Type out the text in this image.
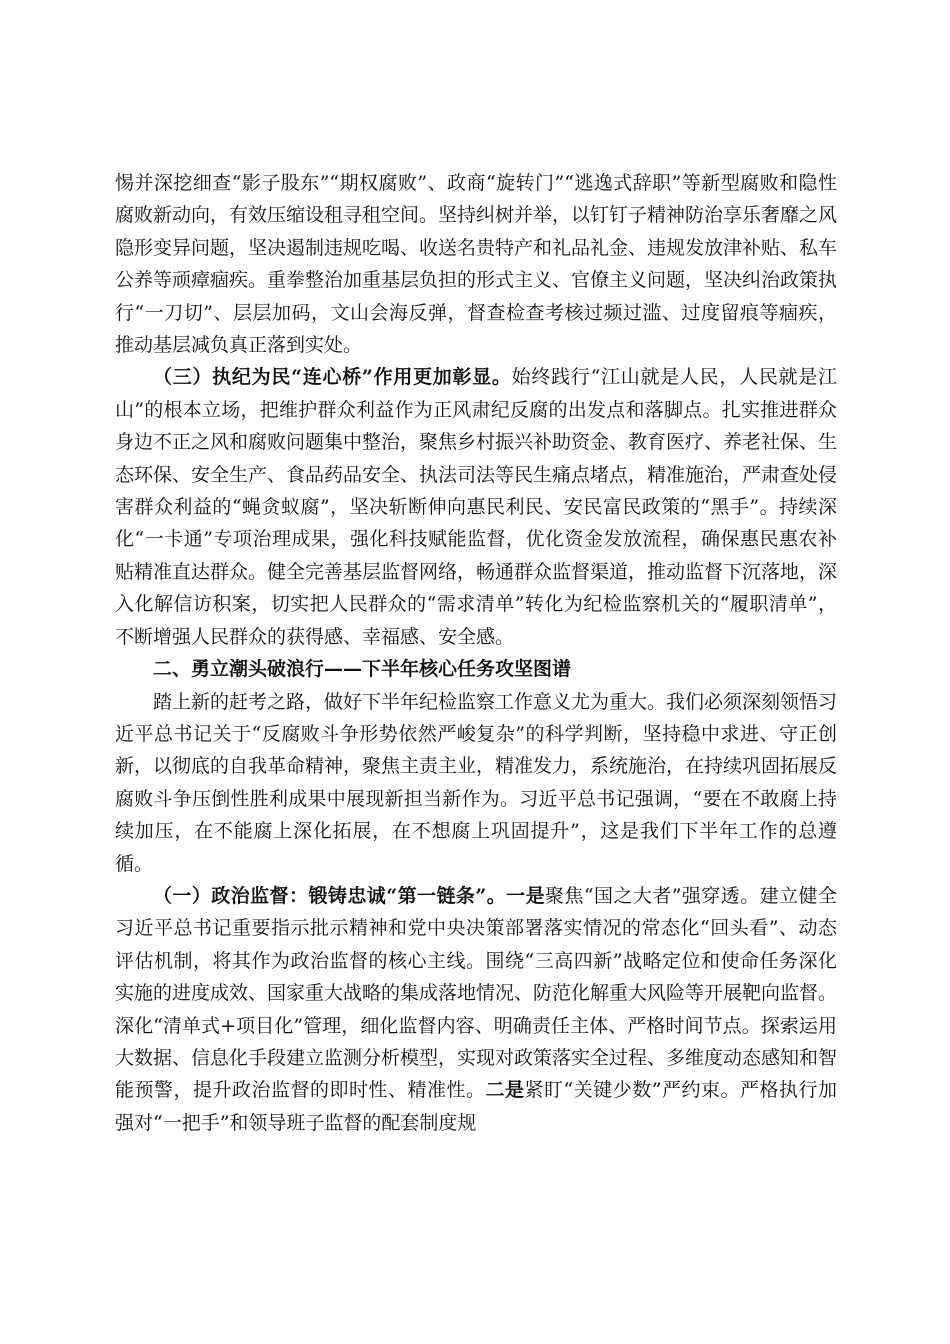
惕并深挖细查“影子股东”“期权腐败”、政商“旋转门”“逃逸式辞职”等新型腐败和隐性腐败新动向，有效压缩设租寻租空间。坚持纠树并举，以钉钉子精神防治享乐奢靡之风隐形变异问题，坚决遏制违规吃喝、收送名贵特产和礼品礼金、违规发放津补贴、私车公养等顽瘴痼疾。重拳整治加重基层负担的形式主义、官僚主义问题，坚决纠治政策执行“一刀切”、层层加码，文山会海反弹，督查检查考核过频过滥、过度留痕等痼疾，推动基层减负真正落到实处。

（三）执纪为民“连心桥”作用更加彰显。始终践行“江山就是人民，人民就是江山”的根本立场，把维护群众利益作为正风肃纪反腐的出发点和落脚点。扎实推进群众身边不正之风和腐败问题集中整治，聚焦乡村振兴补助资金、教育医疗、养老社保、生态环保、安全生产、食品药品安全、执法司法等民生痛点堵点，精准施治，严肃查处侵害群众利益的“蝇贪蚁腐”，坚决斩断伸向惠民利民、安民富民政策的“黑手”。持续深化“一卡通”专项治理成果，强化科技赋能监督，优化资金发放流程，确保惠民惠农补贴精准直达群众。健全完善基层监督网络，畅通群众监督渠道，推动监督下沉落地，深入化解信访积案，切实把人民群众的“需求清单”转化为纪检监察机关的“履职清单”，不断增强人民群众的获得感、幸福感、安全感。

二、勇立潮头破浪行——下半年核心任务攻坚图谱

踏上新的赶考之路，做好下半年纪检监察工作意义尤为重大。我们必须深刻领悟习近平总书记关于“反腐败斗争形势依然严峻复杂”的科学判断，坚持稳中求进、守正创新，以彻底的自我革命精神，聚焦主责主业，精准发力，系统施治，在持续巩固拓展反腐败斗争压倒性胜利成果中展现新担当新作为。习近平总书记强调，“要在不敢腐上持续加压，在不能腐上深化拓展，在不想腐上巩固提升”，这是我们下半年工作的总遵循。

（一）政治监督：锻铸忠诚“第一链条”。一是聚焦“国之大者”强穿透。建立健全习近平总书记重要指示批示精神和党中央决策部署落实情况的常态化“回头看”、动态评估机制，将其作为政治监督的核心主线。围绕“三高四新”战略定位和使命任务深化实施的进度成效、国家重大战略的集成落地情况、防范化解重大风险等开展靶向监督。深化“清单式+项目化”管理，细化监督内容、明确责任主体、严格时间节点。探索运用大数据、信息化手段建立监测分析模型，实现对政策落实全过程、多维度动态感知和智能预警，提升政治监督的即时性、精准性。二是紧盯“关键少数”严约束。严格执行加强对“一把手”和领导班子监督的配套制度规
